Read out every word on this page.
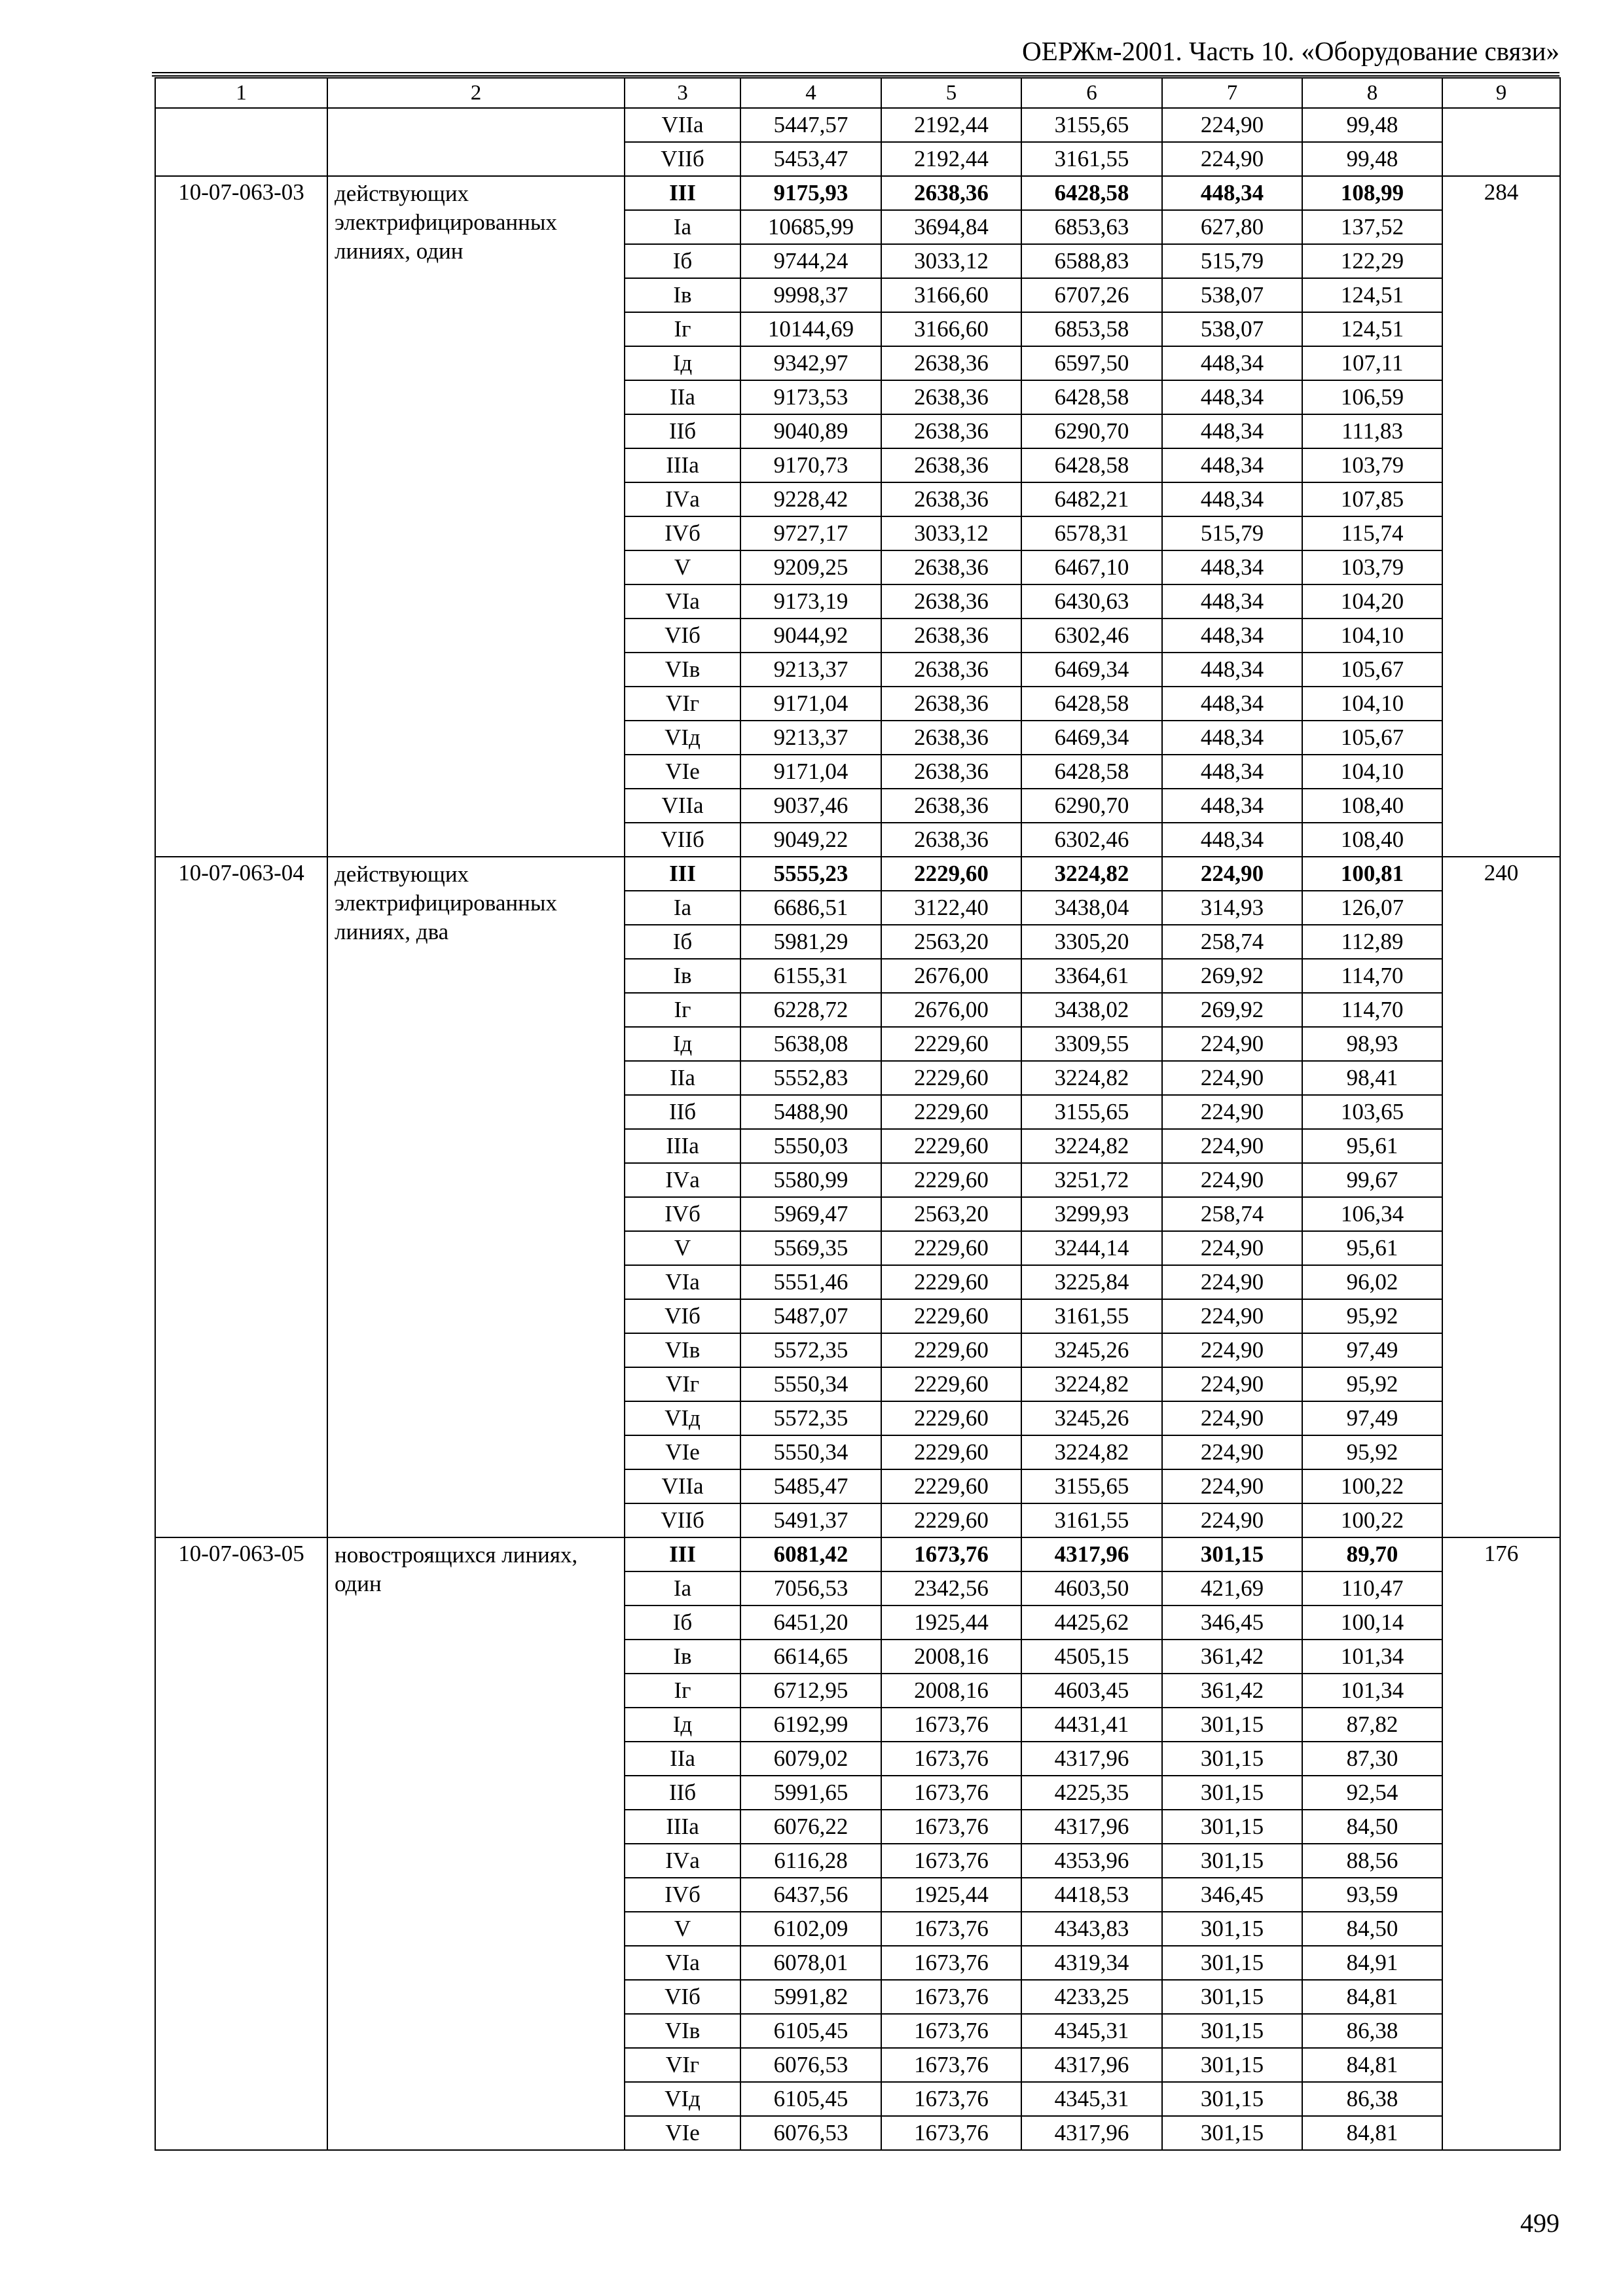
ОЕРЖм-2001. Часть 10. «Оборудование связи»
1	2	3	4	5	6	7	8	9
		VIIа	5447,57	2192,44	3155,65	224,90	99,48	
		VIIб	5453,47	2192,44	3161,55	224,90	99,48	
10-07-063-03	действующих электрифицированных линиях, один	III	9175,93	2638,36	6428,58	448,34	108,99	284
		Iа	10685,99	3694,84	6853,63	627,80	137,52	
		Iб	9744,24	3033,12	6588,83	515,79	122,29	
		Iв	9998,37	3166,60	6707,26	538,07	124,51	
		Iг	10144,69	3166,60	6853,58	538,07	124,51	
		Iд	9342,97	2638,36	6597,50	448,34	107,11	
		IIа	9173,53	2638,36	6428,58	448,34	106,59	
		IIб	9040,89	2638,36	6290,70	448,34	111,83	
		IIIа	9170,73	2638,36	6428,58	448,34	103,79	
		IVа	9228,42	2638,36	6482,21	448,34	107,85	
		IVб	9727,17	3033,12	6578,31	515,79	115,74	
		V	9209,25	2638,36	6467,10	448,34	103,79	
		VIа	9173,19	2638,36	6430,63	448,34	104,20	
		VIб	9044,92	2638,36	6302,46	448,34	104,10	
		VIв	9213,37	2638,36	6469,34	448,34	105,67	
		VIг	9171,04	2638,36	6428,58	448,34	104,10	
		VIд	9213,37	2638,36	6469,34	448,34	105,67	
		VIе	9171,04	2638,36	6428,58	448,34	104,10	
		VIIа	9037,46	2638,36	6290,70	448,34	108,40	
		VIIб	9049,22	2638,36	6302,46	448,34	108,40	
10-07-063-04	действующих электрифицированных линиях, два	III	5555,23	2229,60	3224,82	224,90	100,81	240
		Iа	6686,51	3122,40	3438,04	314,93	126,07	
		Iб	5981,29	2563,20	3305,20	258,74	112,89	
		Iв	6155,31	2676,00	3364,61	269,92	114,70	
		Iг	6228,72	2676,00	3438,02	269,92	114,70	
		Iд	5638,08	2229,60	3309,55	224,90	98,93	
		IIа	5552,83	2229,60	3224,82	224,90	98,41	
		IIб	5488,90	2229,60	3155,65	224,90	103,65	
		IIIа	5550,03	2229,60	3224,82	224,90	95,61	
		IVа	5580,99	2229,60	3251,72	224,90	99,67	
		IVб	5969,47	2563,20	3299,93	258,74	106,34	
		V	5569,35	2229,60	3244,14	224,90	95,61	
		VIа	5551,46	2229,60	3225,84	224,90	96,02	
		VIб	5487,07	2229,60	3161,55	224,90	95,92	
		VIв	5572,35	2229,60	3245,26	224,90	97,49	
		VIг	5550,34	2229,60	3224,82	224,90	95,92	
		VIд	5572,35	2229,60	3245,26	224,90	97,49	
		VIе	5550,34	2229,60	3224,82	224,90	95,92	
		VIIа	5485,47	2229,60	3155,65	224,90	100,22	
		VIIб	5491,37	2229,60	3161,55	224,90	100,22	
10-07-063-05	новостроящихся линиях, один	III	6081,42	1673,76	4317,96	301,15	89,70	176
		Iа	7056,53	2342,56	4603,50	421,69	110,47	
		Iб	6451,20	1925,44	4425,62	346,45	100,14	
		Iв	6614,65	2008,16	4505,15	361,42	101,34	
		Iг	6712,95	2008,16	4603,45	361,42	101,34	
		Iд	6192,99	1673,76	4431,41	301,15	87,82	
		IIа	6079,02	1673,76	4317,96	301,15	87,30	
		IIб	5991,65	1673,76	4225,35	301,15	92,54	
		IIIа	6076,22	1673,76	4317,96	301,15	84,50	
		IVа	6116,28	1673,76	4353,96	301,15	88,56	
		IVб	6437,56	1925,44	4418,53	346,45	93,59	
		V	6102,09	1673,76	4343,83	301,15	84,50	
		VIа	6078,01	1673,76	4319,34	301,15	84,91	
		VIб	5991,82	1673,76	4233,25	301,15	84,81	
		VIв	6105,45	1673,76	4345,31	301,15	86,38	
		VIг	6076,53	1673,76	4317,96	301,15	84,81	
		VIд	6105,45	1673,76	4345,31	301,15	86,38	
		VIе	6076,53	1673,76	4317,96	301,15	84,81	
499
